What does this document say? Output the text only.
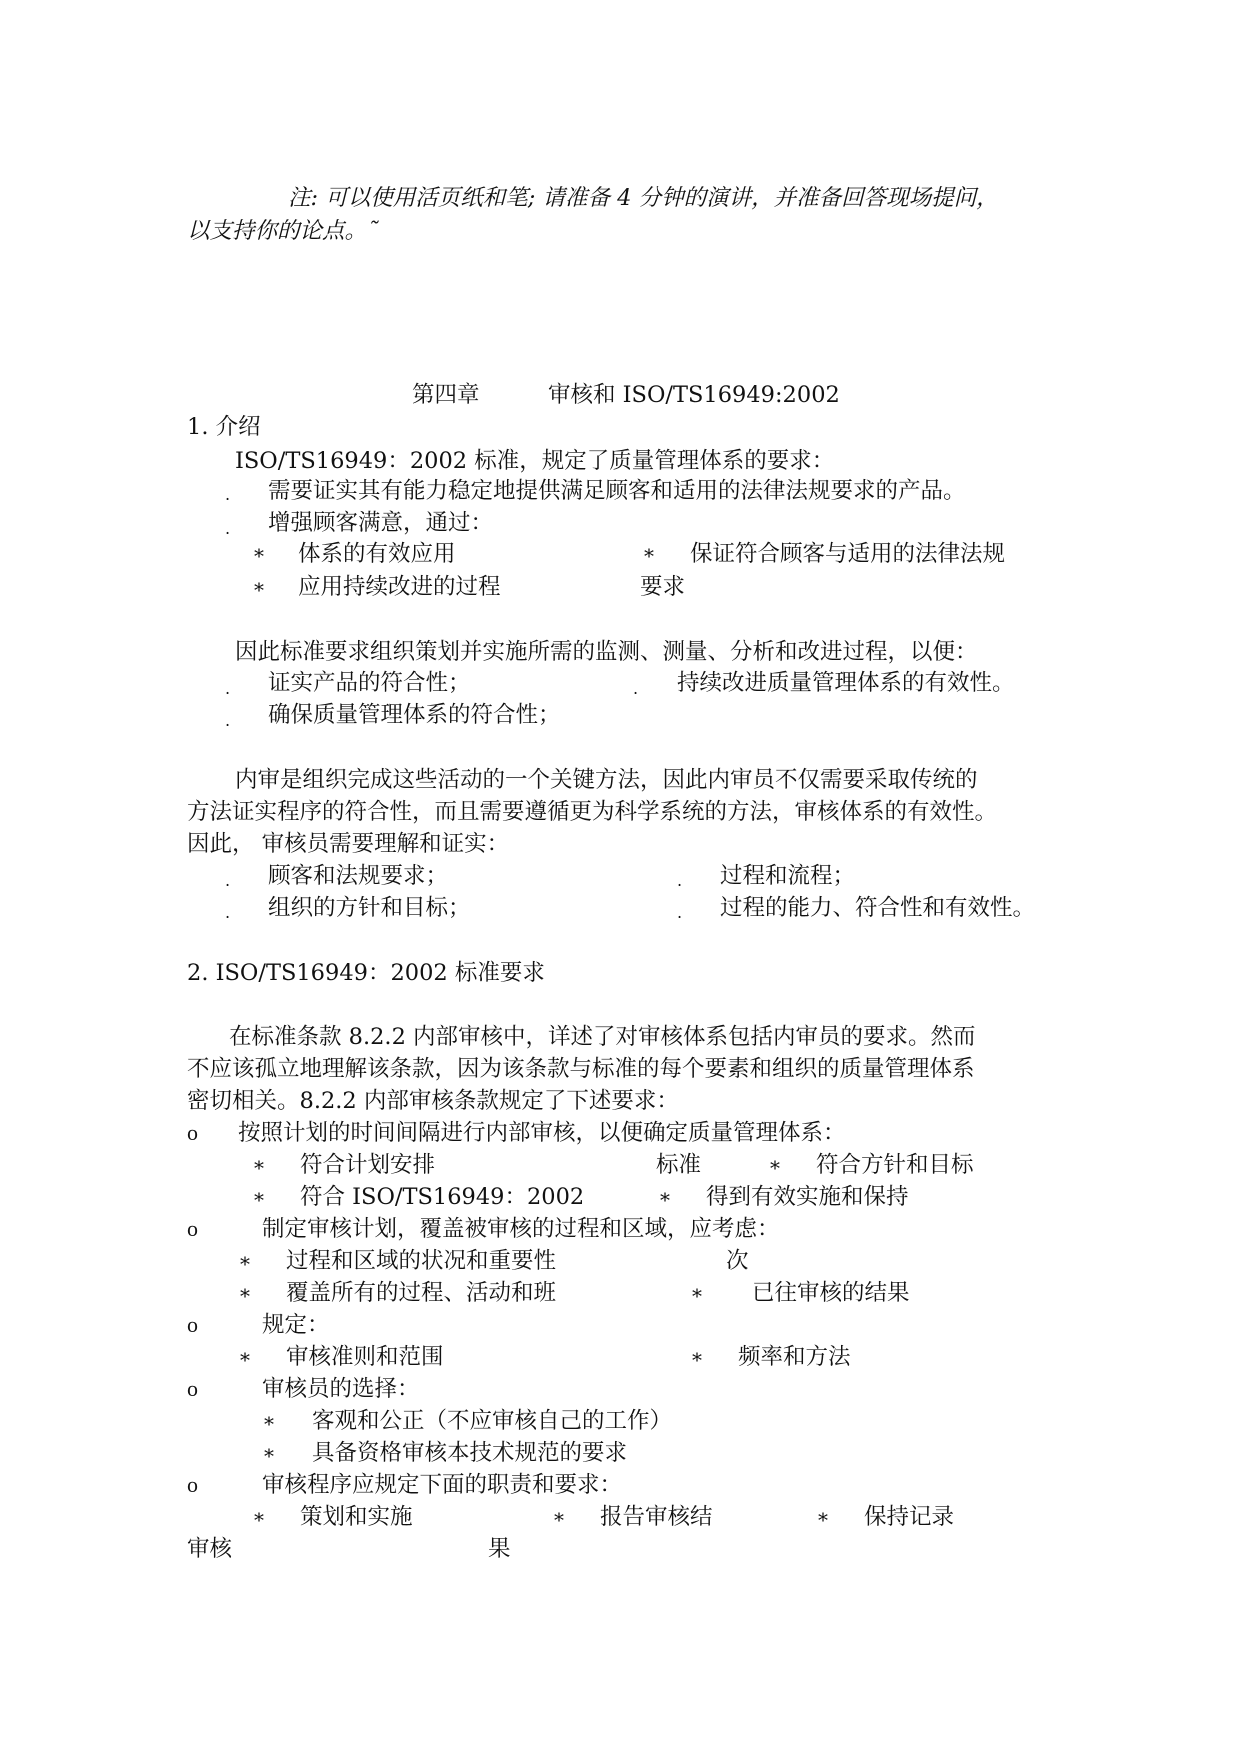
注: 可以使用活页纸和笔; 请准备 4 分钟的演讲，并准备回答现场提问，
以支持你的论点。˜
第四章	审核和 ISO/TS16949:2002
1. 介绍
ISO/TS16949：2002 标准，规定了质量管理体系的要求：
. 需要证实其有能力稳定地提供满足顾客和适用的法律法规要求的产品。
. 增强顾客满意，通过：
* 体系的有效应用	* 保证符合顾客与适用的法律法规
* 应用持续改进的过程	要求
因此标准要求组织策划并实施所需的监测、测量、分析和改进过程，以便：
. 证实产品的符合性；	. 持续改进质量管理体系的有效性。
. 确保质量管理体系的符合性；
内审是组织完成这些活动的一个关键方法，因此内审员不仅需要采取传统的
方法证实程序的符合性，而且需要遵循更为科学系统的方法，审核体系的有效性。
因此， 审核员需要理解和证实：
. 顾客和法规要求；	. 过程和流程；
. 组织的方针和目标；	. 过程的能力、符合性和有效性。
2. ISO/TS16949：2002 标准要求
在标准条款 8.2.2 内部审核中，详述了对审核体系包括内审员的要求。然而
不应该孤立地理解该条款，因为该条款与标准的每个要素和组织的质量管理体系
密切相关。8.2.2 内部审核条款规定了下述要求：
o 按照计划的时间间隔进行内部审核，以便确定质量管理体系：
* 符合计划安排	标准	* 符合方针和目标
* 符合 ISO/TS16949：2002	* 得到有效实施和保持
o	制定审核计划，覆盖被审核的过程和区域，应考虑：
* 过程和区域的状况和重要性	次
* 覆盖所有的过程、活动和班	* 已往审核的结果
o	规定：
* 审核准则和范围	* 频率和方法
o	审核员的选择：
* 客观和公正（不应审核自己的工作）
* 具备资格审核本技术规范的要求
o	审核程序应规定下面的职责和要求：
* 策划和实施	* 报告审核结	* 保持记录
审核	果
